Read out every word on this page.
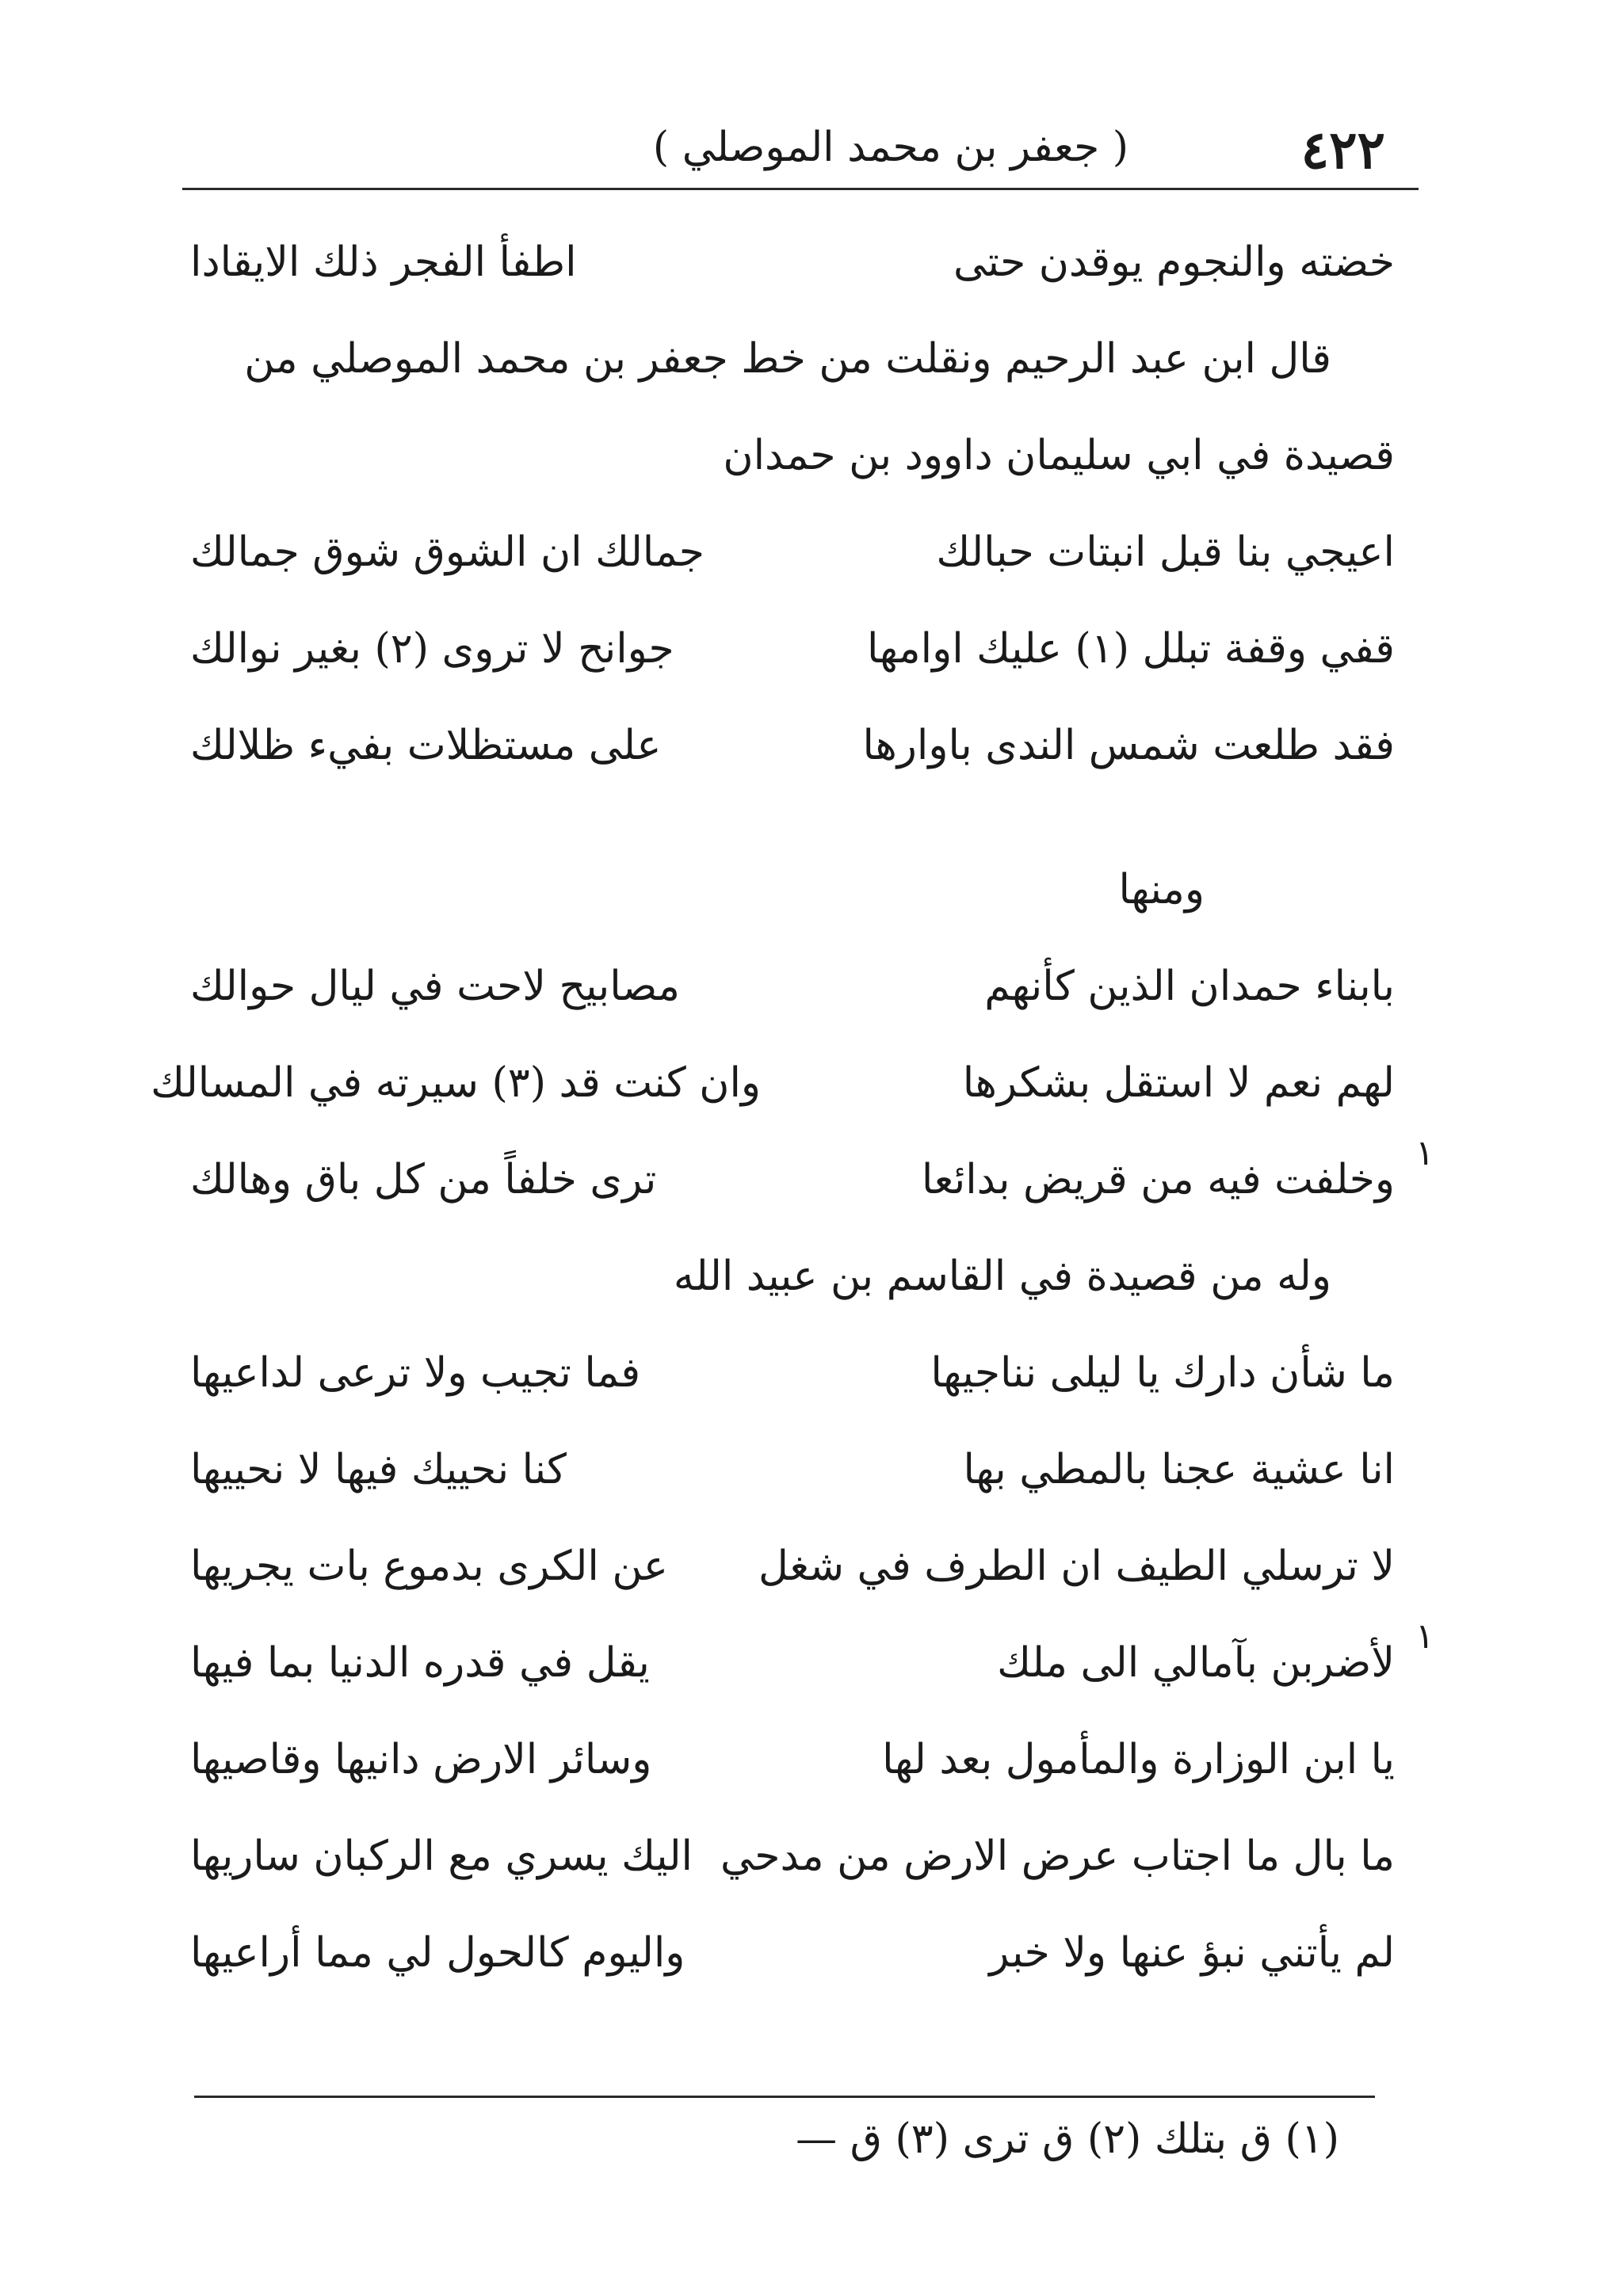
٤٢٢
( جعفر بن محمد الموصلي )
خضته والنجوم يوقدن حتى
اطفأ الفجر ذلك الايقادا
قال ابن عبد الرحيم ونقلت من خط جعفر بن محمد الموصلي من
قصيدة في ابي سليمان داوود بن حمدان
اعيجي بنا قبل انبتات حبالك
جمالك ان الشوق شوق جمالك
قفي وقفة تبلل (١) عليك اوامها
جوانح لا تروى (٢) بغير نوالك
فقد طلعت شمس الندى باوارها
على مستظلات بفيء ظلالك
ومنها
بابناء حمدان الذين كأنهم
مصابيح لاحت في ليال حوالك
لهم نعم لا استقل بشكرها
وان كنت قد (٣) سيرته في المسالك
وخلفت فيه من قريض بدائعا
ترى خلفاً من كل باق وهالك
وله من قصيدة في القاسم بن عبيد الله
ما شأن دارك يا ليلى نناجيها
فما تجيب ولا ترعى لداعيها
انا عشية عجنا بالمطي بها
كنا نحييك فيها لا نحييها
لا ترسلي الطيف ان الطرف في شغل
عن الكرى بدموع بات يجريها
لأضربن بآمالي الى ملك
يقل في قدره الدنيا بما فيها
يا ابن الوزارة والمأمول بعد لها
وسائر الارض دانيها وقاصيها
ما بال ما اجتاب عرض الارض من مدحي
اليك يسري مع الركبان ساريها
لم يأتني نبؤ عنها ولا خبر
واليوم كالحول لي مما أراعيها
١
١
(١) ق بتلك (٢) ق ترى (٣) ق —
